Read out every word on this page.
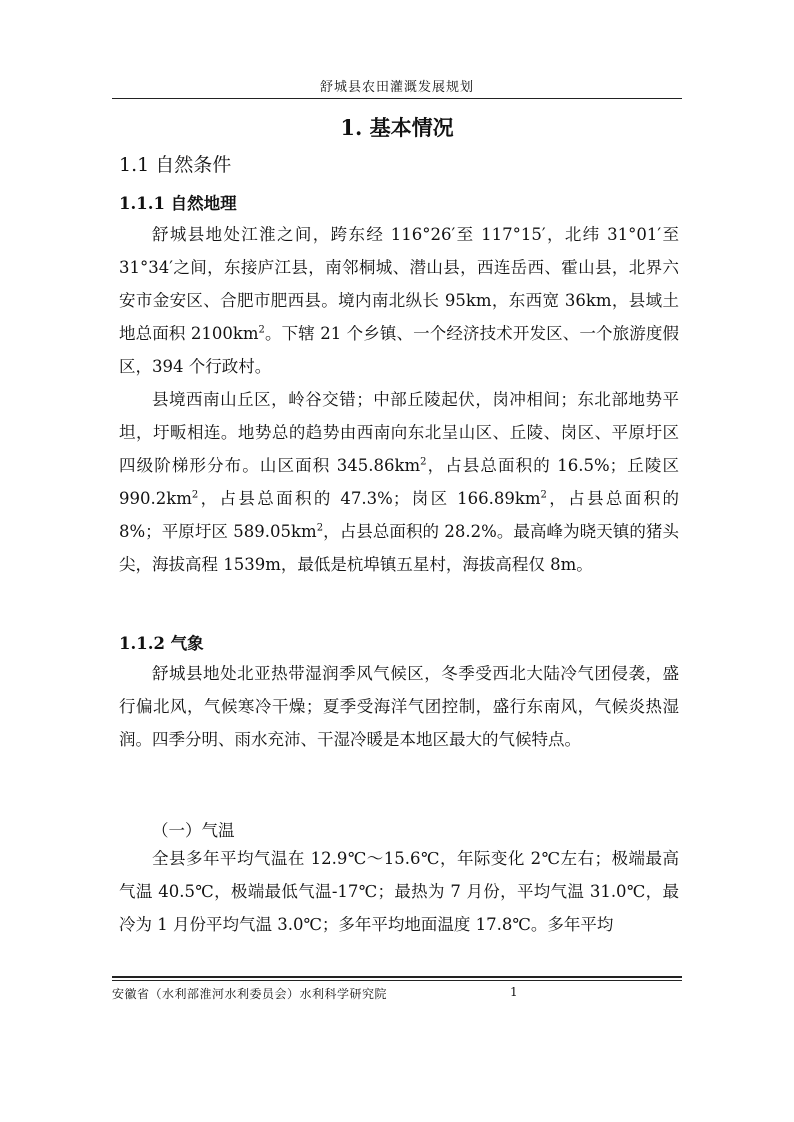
舒城县农田灌溉发展规划
1. 基本情况
1.1 自然条件
1.1.1 自然地理

舒城县地处江淮之间，跨东经 116°26′至 117°15′，北纬 31°01′至 31°34′之间，东接庐江县，南邻桐城、潜山县，西连岳西、霍山县，北界六安市金安区、合肥市肥西县。境内南北纵长 95km，东西宽 36km，县域土地总面积 $2100km^2$。下辖 21 个乡镇、一个经济技术开发区、一个旅游度假区，394 个行政村。

县境西南山丘区，岭谷交错；中部丘陵起伏，岗冲相间；东北部地势平坦，圩畈相连。地势总的趋势由西南向东北呈山区、丘陵、岗区、平原圩区四级阶梯形分布。山区面积 $345.86km^2$，占县总面积的 16.5%；丘陵区 $990.2km^2$，占县总面积的 47.3%；岗区 $166.89km^2$，占县总面积的 8%；平原圩区 $589.05km^2$，占县总面积的 28.2%。最高峰为晓天镇的猪头尖，海拔高程 1539m，最低是杭埠镇五星村，海拔高程仅 8m。

1.1.2 气象

舒城县地处北亚热带湿润季风气候区，冬季受西北大陆冷气团侵袭，盛行偏北风，气候寒冷干燥；夏季受海洋气团控制，盛行东南风，气候炎热湿润。四季分明、雨水充沛、干湿冷暖是本地区最大的气候特点。

（一）气温

全县多年平均气温在 12.9℃～15.6℃，年际变化 2℃左右；极端最高气温 40.5℃，极端最低气温-17℃；最热为 7 月份，平均气温 31.0℃，最冷为 1 月份平均气温 3.0℃；多年平均地面温度 17.8℃。多年平均

安徽省（水利部淮河水利委员会）水利科学研究院	1
